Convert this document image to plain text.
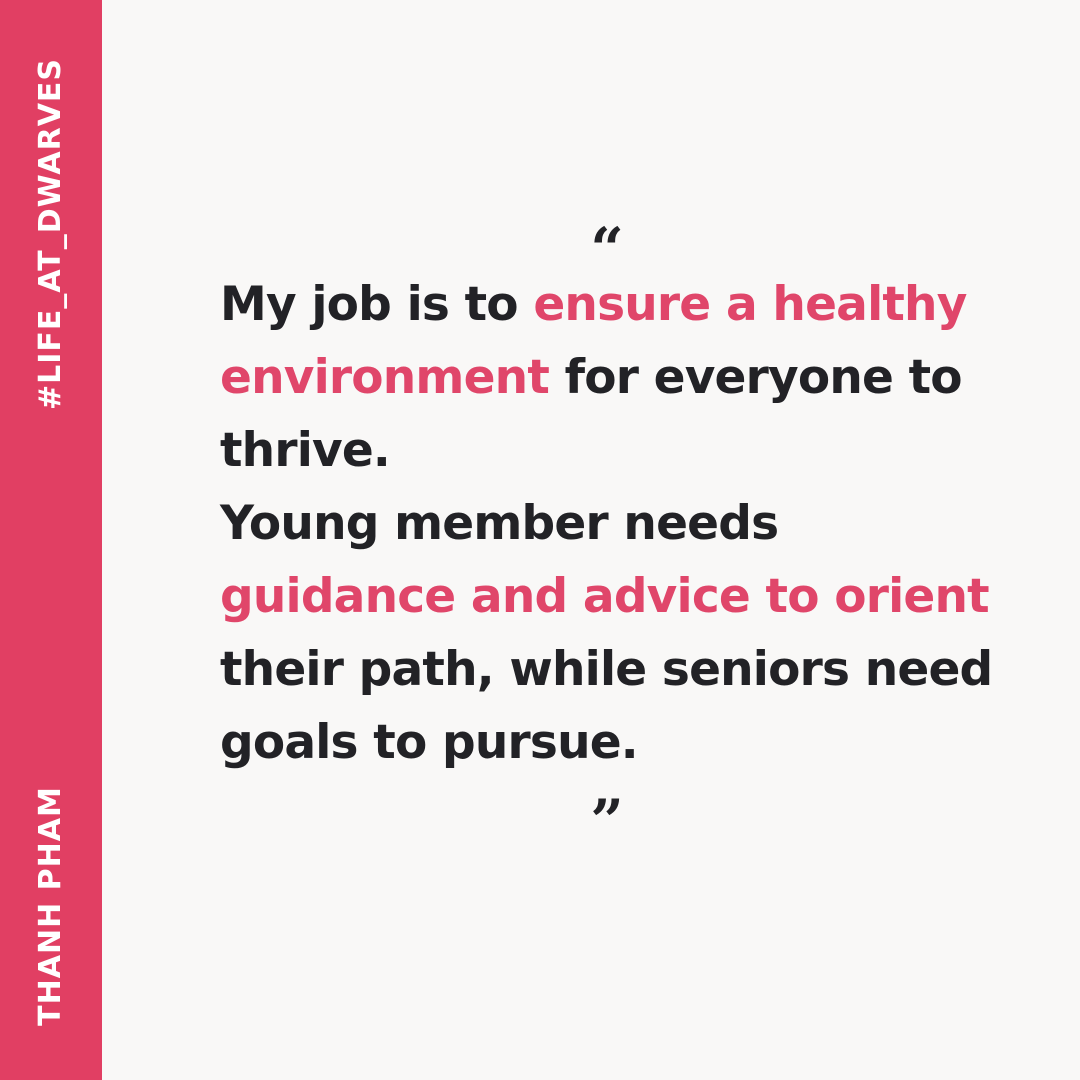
#LIFE_AT_DWARVES
THANH PHAM
“

My job is to ensure a healthy
environment for everyone to
thrive.
Young member needs
guidance and advice to orient
their path, while seniors need
goals to pursue.

”
